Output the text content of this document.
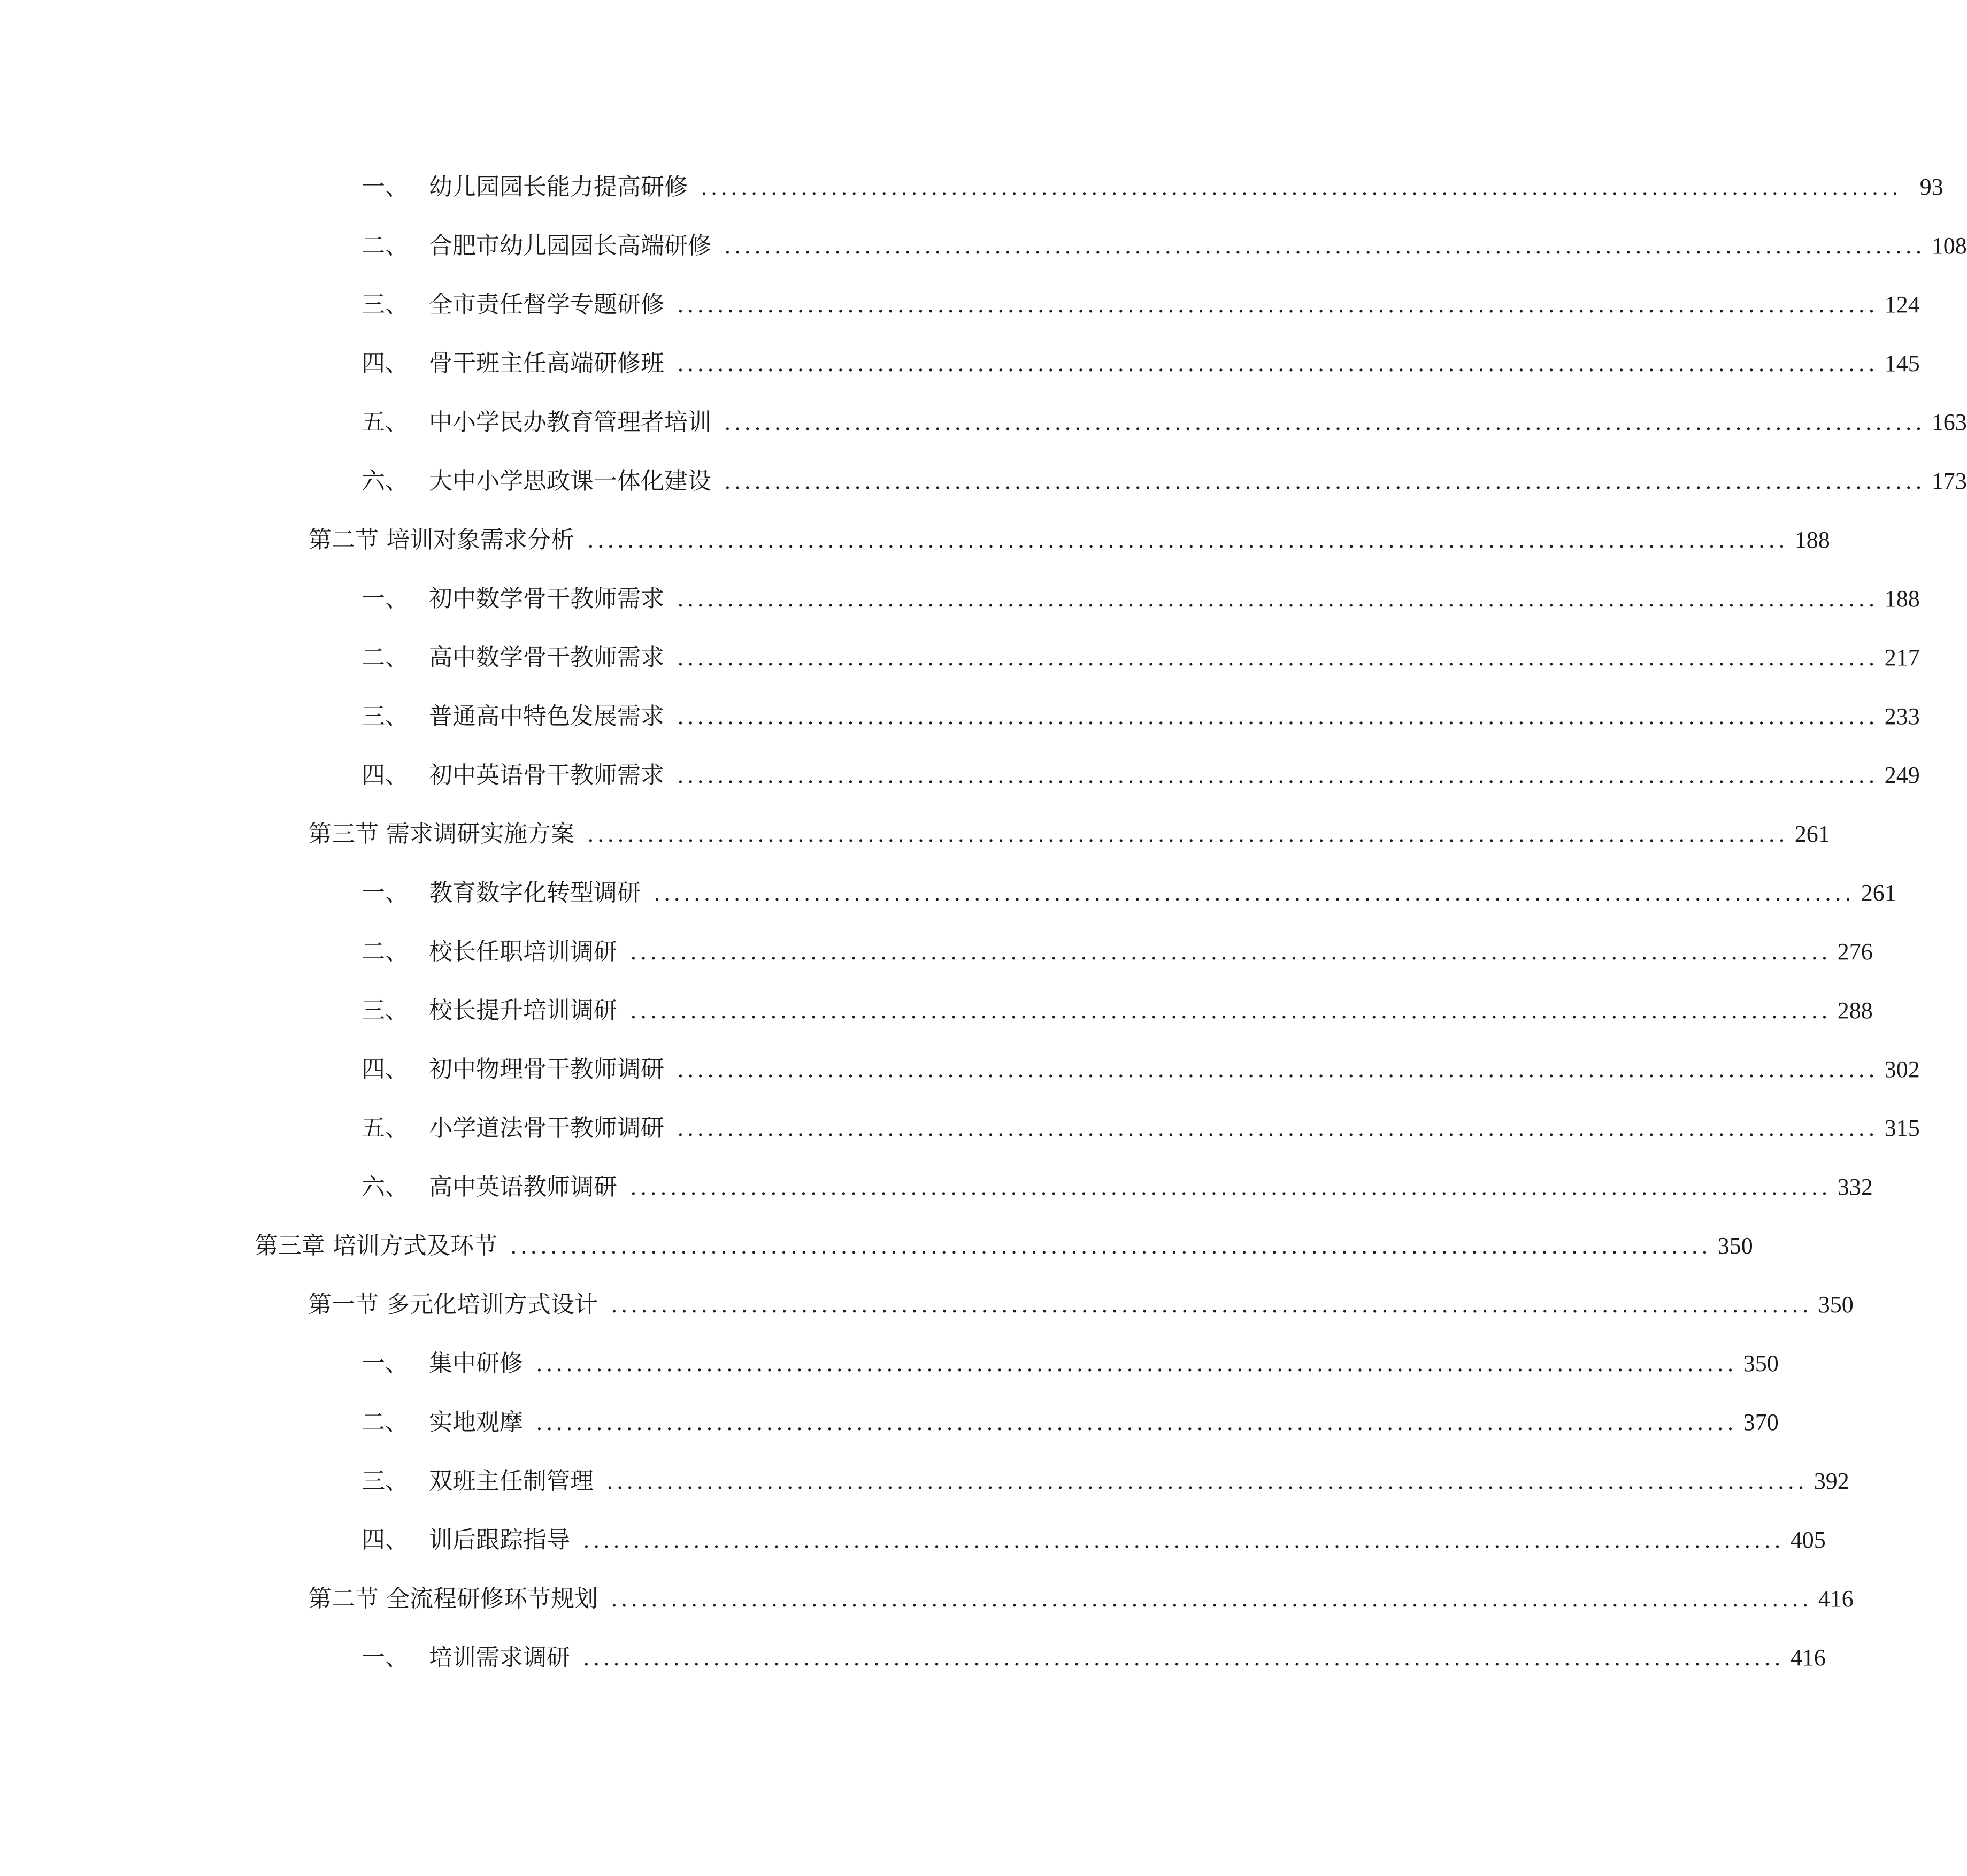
一、 幼儿园园长能力提高研修 ........................................................................................................................ 93
二、 合肥市幼儿园园长高端研修 ........................................................................................................................ 108
三、 全市责任督学专题研修 ........................................................................................................................ 124
四、 骨干班主任高端研修班 ........................................................................................................................ 145
五、 中小学民办教育管理者培训 ........................................................................................................................ 163
六、 大中小学思政课一体化建设 ........................................................................................................................ 173
第二节 培训对象需求分析 ........................................................................................................................ 188
一、 初中数学骨干教师需求 ........................................................................................................................ 188
二、 高中数学骨干教师需求 ........................................................................................................................ 217
三、 普通高中特色发展需求 ........................................................................................................................ 233
四、 初中英语骨干教师需求 ........................................................................................................................ 249
第三节 需求调研实施方案 ........................................................................................................................ 261
一、 教育数字化转型调研 ........................................................................................................................ 261
二、 校长任职培训调研 ........................................................................................................................ 276
三、 校长提升培训调研 ........................................................................................................................ 288
四、 初中物理骨干教师调研 ........................................................................................................................ 302
五、 小学道法骨干教师调研 ........................................................................................................................ 315
六、 高中英语教师调研 ........................................................................................................................ 332
第三章 培训方式及环节 ........................................................................................................................ 350
第一节 多元化培训方式设计 ........................................................................................................................ 350
一、 集中研修 ........................................................................................................................ 350
二、 实地观摩 ........................................................................................................................ 370
三、 双班主任制管理 ........................................................................................................................ 392
四、 训后跟踪指导 ........................................................................................................................ 405
第二节 全流程研修环节规划 ........................................................................................................................ 416
一、 培训需求调研 ........................................................................................................................ 416
